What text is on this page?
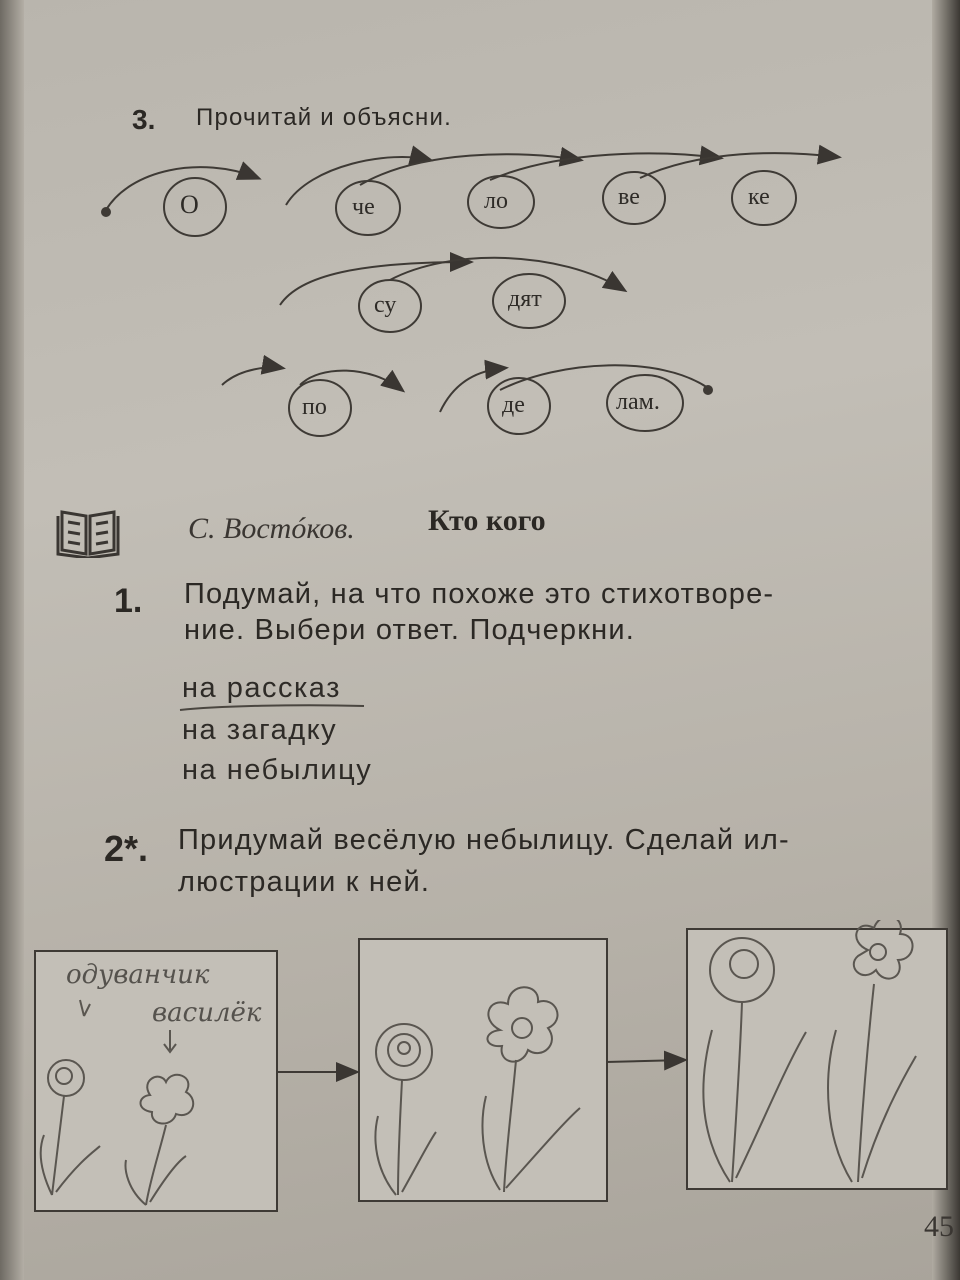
3. Прочитай и объясни.
О	че	ло	ве	ке
су	дят
по	де	лам.
С. Востóков. Кто кого
1. Подумай, на что похоже это стихотворе-
ние. Выбери ответ. Подчеркни.
на рассказ
на загадку
на небылицу
2*. Придумай весёлую небылицу. Сделай ил-
люстрации к ней.
одуванчик
василёк
45
